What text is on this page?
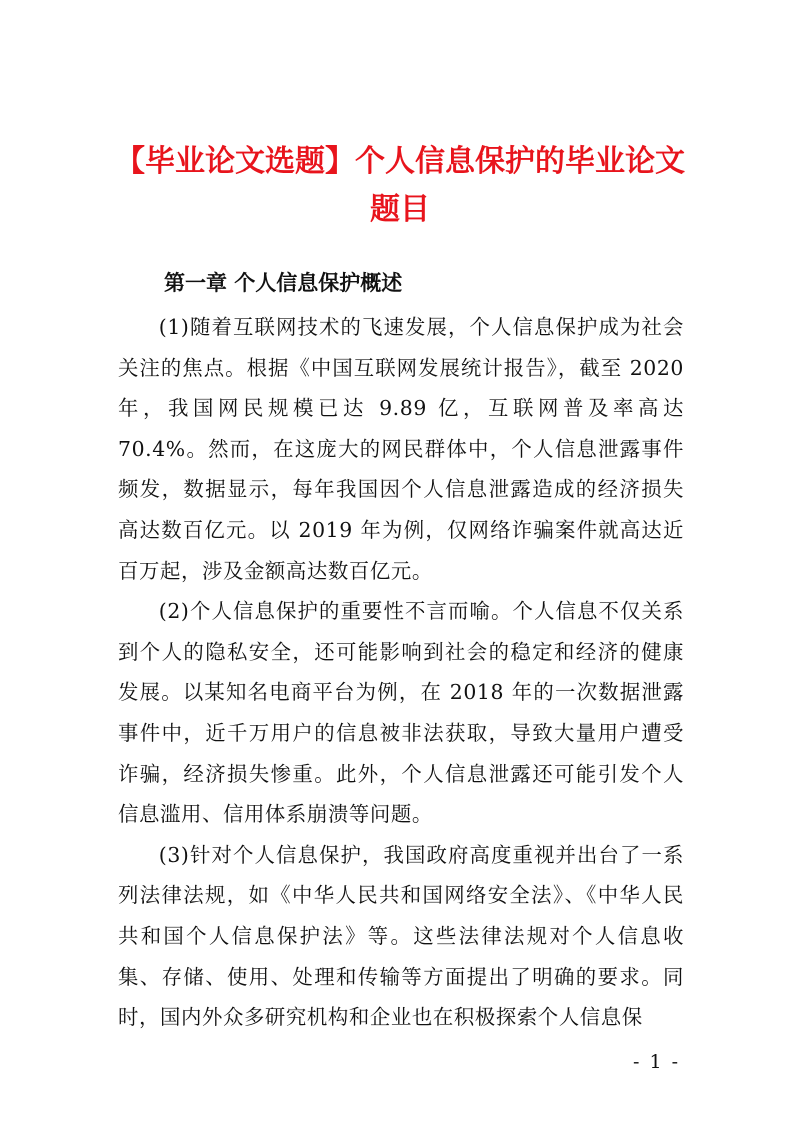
【毕业论文选题】个人信息保护的毕业论文题目
第一章 个人信息保护概述

(1)随着互联网技术的飞速发展，个人信息保护成为社会关注的焦点。根据《中国互联网发展统计报告》，截至 2020 年，我国网民规模已达 9.89 亿，互联网普及率高达 70.4%。然而，在这庞大的网民群体中，个人信息泄露事件频发，数据显示，每年我国因个人信息泄露造成的经济损失高达数百亿元。以 2019 年为例，仅网络诈骗案件就高达近百万起，涉及金额高达数百亿元。

(2)个人信息保护的重要性不言而喻。个人信息不仅关系到个人的隐私安全，还可能影响到社会的稳定和经济的健康发展。以某知名电商平台为例，在 2018 年的一次数据泄露事件中，近千万用户的信息被非法获取，导致大量用户遭受诈骗，经济损失惨重。此外，个人信息泄露还可能引发个人信息滥用、信用体系崩溃等问题。

(3)针对个人信息保护，我国政府高度重视并出台了一系列法律法规，如《中华人民共和国网络安全法》、《中华人民共和国个人信息保护法》等。这些法律法规对个人信息收集、存储、使用、处理和传输等方面提出了明确的要求。同时，国内外众多研究机构和企业也在积极探索个人信息保

- 1 -
